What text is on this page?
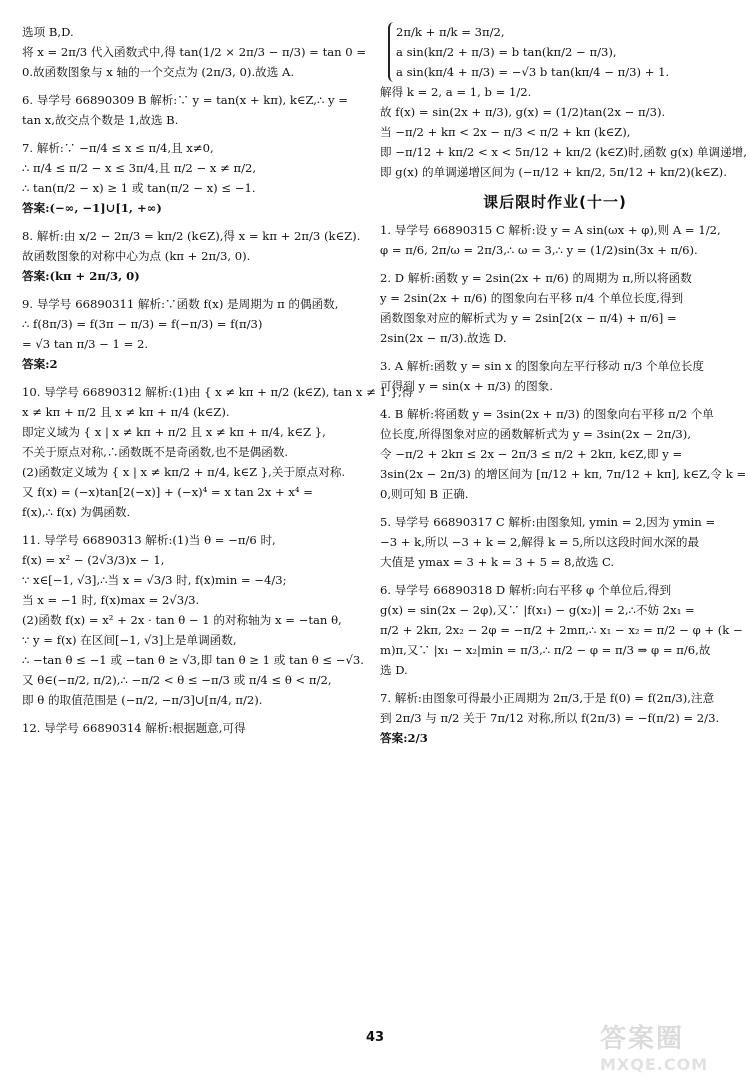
选项 B,D.
将 x = 2π/3 代入函数式中,得 tan(1/2 × 2π/3 − π/3) = tan 0 =
0.故函数图象与 x 轴的一个交点为 (2π/3, 0).故选 A.
6. 导学号 66890309 B 解析:∵ y = tan(x + kπ), k∈Z,∴ y =
tan x,故交点个数是 1,故选 B.
7. 解析:∵ −π/4 ≤ x ≤ π/4,且 x≠0,
∴ π/4 ≤ π/2 − x ≤ 3π/4,且 π/2 − x ≠ π/2,
∴ tan(π/2 − x) ≥ 1 或 tan(π/2 − x) ≤ −1.
答案:(−∞, −1]∪[1, +∞)
8. 解析:由 x/2 − 2π/3 = kπ/2 (k∈Z),得 x = kπ + 2π/3 (k∈Z).
故函数图象的对称中心为点 (kπ + 2π/3, 0).
答案:(kπ + 2π/3, 0)
9. 导学号 66890311 解析:∵函数 f(x) 是周期为 π 的偶函数,
∴ f(8π/3) = f(3π − π/3) = f(−π/3) = f(π/3)
= √3 tan π/3 − 1 = 2.
答案:2
10. 导学号 66890312 解析:(1)由 { x ≠ kπ + π/2 (k∈Z), tan x ≠ 1 },得
x ≠ kπ + π/2 且 x ≠ kπ + π/4 (k∈Z).
即定义域为 { x | x ≠ kπ + π/2 且 x ≠ kπ + π/4, k∈Z },
不关于原点对称,∴函数既不是奇函数,也不是偶函数.
(2)函数定义域为 { x | x ≠ kπ/2 + π/4, k∈Z },关于原点对称.
又 f(x) = (−x)tan[2(−x)] + (−x)⁴ = x tan 2x + x⁴ =
f(x),∴ f(x) 为偶函数.
11. 导学号 66890313 解析:(1)当 θ = −π/6 时,
f(x) = x² − (2√3/3)x − 1,
∵ x∈[−1, √3],∴当 x = √3/3 时, f(x)min = −4/3;
当 x = −1 时, f(x)max = 2√3/3.
(2)函数 f(x) = x² + 2x · tan θ − 1 的对称轴为 x = −tan θ,
∵ y = f(x) 在区间[−1, √3]上是单调函数,
∴ −tan θ ≤ −1 或 −tan θ ≥ √3,即 tan θ ≥ 1 或 tan θ ≤ −√3.
又 θ∈(−π/2, π/2),∴ −π/2 < θ ≤ −π/3 或 π/4 ≤ θ < π/2,
即 θ 的取值范围是 (−π/2, −π/3]∪[π/4, π/2).
12. 导学号 66890314 解析:根据题意,可得
2π/k + π/k = 3π/2,
a sin(kπ/2 + π/3) = b tan(kπ/2 − π/3),
a sin(kπ/4 + π/3) = −√3 b tan(kπ/4 − π/3) + 1.
解得 k = 2, a = 1, b = 1/2.
故 f(x) = sin(2x + π/3), g(x) = (1/2)tan(2x − π/3).
当 −π/2 + kπ < 2x − π/3 < π/2 + kπ (k∈Z),
即 −π/12 + kπ/2 < x < 5π/12 + kπ/2 (k∈Z)时,函数 g(x) 单调递增,
即 g(x) 的单调递增区间为 (−π/12 + kπ/2, 5π/12 + kπ/2)(k∈Z).
课后限时作业(十一)
1. 导学号 66890315 C 解析:设 y = A sin(ωx + φ),则 A = 1/2,
φ = π/6, 2π/ω = 2π/3,∴ ω = 3,∴ y = (1/2)sin(3x + π/6).
2. D 解析:函数 y = 2sin(2x + π/6) 的周期为 π,所以将函数
y = 2sin(2x + π/6) 的图象向右平移 π/4 个单位长度,得到
函数图象对应的解析式为 y = 2sin[2(x − π/4) + π/6] =
2sin(2x − π/3).故选 D.
3. A 解析:函数 y = sin x 的图象向左平行移动 π/3 个单位长度
可得到 y = sin(x + π/3) 的图象.
4. B 解析:将函数 y = 3sin(2x + π/3) 的图象向右平移 π/2 个单
位长度,所得图象对应的函数解析式为 y = 3sin(2x − 2π/3),
令 −π/2 + 2kπ ≤ 2x − 2π/3 ≤ π/2 + 2kπ, k∈Z,即 y =
3sin(2x − 2π/3) 的增区间为 [π/12 + kπ, 7π/12 + kπ], k∈Z,令 k =
0,则可知 B 正确.
5. 导学号 66890317 C 解析:由图象知, ymin = 2,因为 ymin =
−3 + k,所以 −3 + k = 2,解得 k = 5,所以这段时间水深的最
大值是 ymax = 3 + k = 3 + 5 = 8,故选 C.
6. 导学号 66890318 D 解析:向右平移 φ 个单位后,得到
g(x) = sin(2x − 2φ),又∵ |f(x₁) − g(x₂)| = 2,∴不妨 2x₁ =
π/2 + 2kπ, 2x₂ − 2φ = −π/2 + 2mπ,∴ x₁ − x₂ = π/2 − φ + (k −
m)π,又∵ |x₁ − x₂|min = π/3,∴ π/2 − φ = π/3 ⇒ φ = π/6,故
选 D.
7. 解析:由图象可得最小正周期为 2π/3,于是 f(0) = f(2π/3),注意
到 2π/3 与 π/2 关于 7π/12 对称,所以 f(2π/3) = −f(π/2) = 2/3.
答案:2/3
43	答案圈
MXQE.COM
